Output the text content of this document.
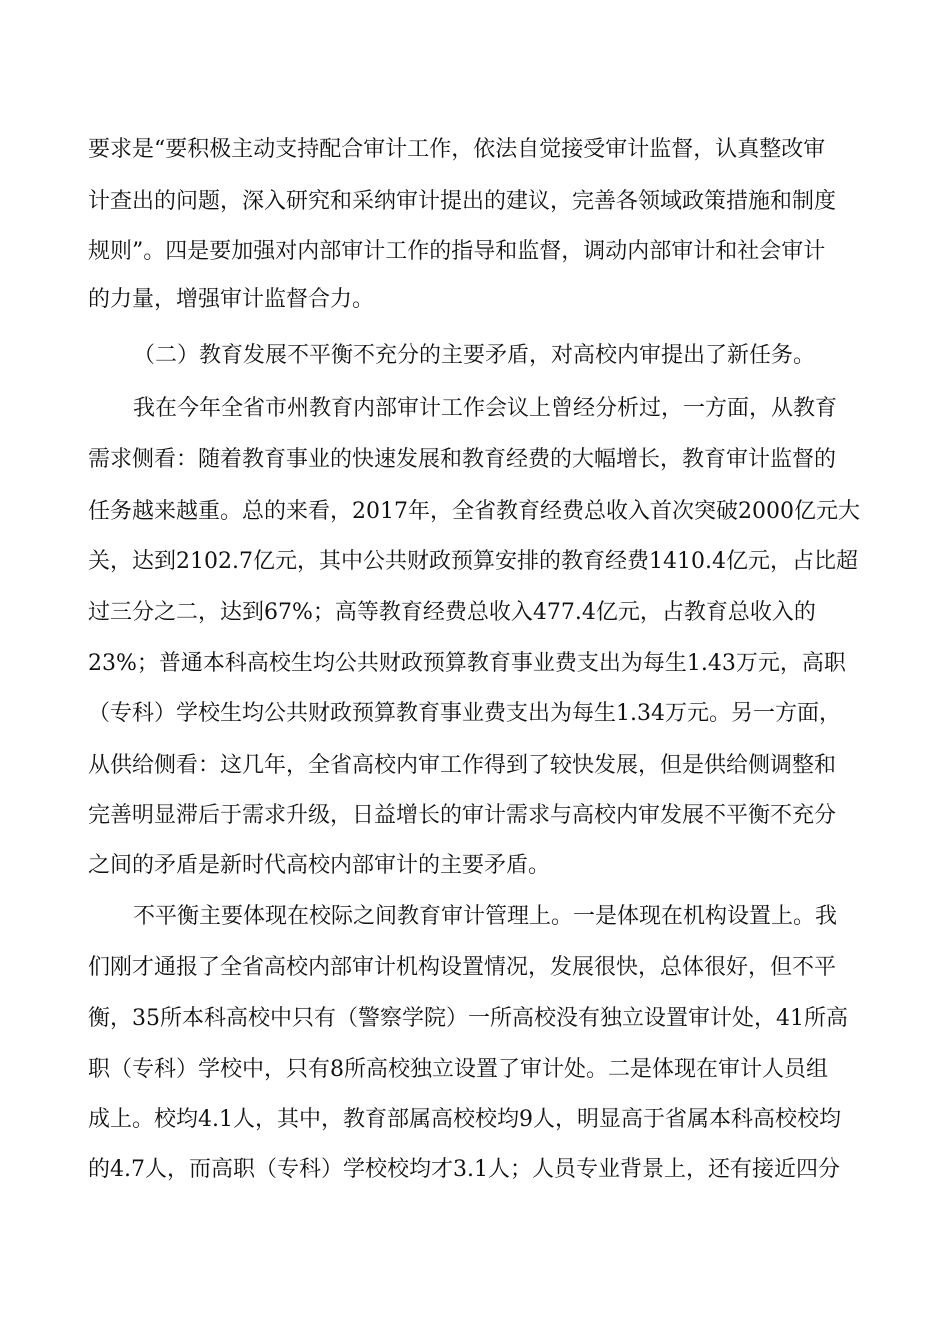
要求是“要积极主动支持配合审计工作，依法自觉接受审计监督，认真整改审
计查出的问题，深入研究和采纳审计提出的建议，完善各领域政策措施和制度
规则”。四是要加强对内部审计工作的指导和监督，调动内部审计和社会审计
的力量，增强审计监督合力。
（二）教育发展不平衡不充分的主要矛盾，对高校内审提出了新任务。
我在今年全省市州教育内部审计工作会议上曾经分析过，一方面，从教育
需求侧看：随着教育事业的快速发展和教育经费的大幅增长，教育审计监督的
任务越来越重。总的来看，2017年，全省教育经费总收入首次突破2000亿元大
关，达到2102.7亿元，其中公共财政预算安排的教育经费1410.4亿元，占比超
过三分之二，达到67%；高等教育经费总收入477.4亿元，占教育总收入的
23%；普通本科高校生均公共财政预算教育事业费支出为每生1.43万元，高职
（专科）学校生均公共财政预算教育事业费支出为每生1.34万元。另一方面，
从供给侧看：这几年，全省高校内审工作得到了较快发展，但是供给侧调整和
完善明显滞后于需求升级，日益增长的审计需求与高校内审发展不平衡不充分
之间的矛盾是新时代高校内部审计的主要矛盾。
不平衡主要体现在校际之间教育审计管理上。一是体现在机构设置上。我
们刚才通报了全省高校内部审计机构设置情况，发展很快，总体很好，但不平
衡，35所本科高校中只有（警察学院）一所高校没有独立设置审计处，41所高
职（专科）学校中，只有8所高校独立设置了审计处。二是体现在审计人员组
成上。校均4.1人，其中，教育部属高校校均9人，明显高于省属本科高校校均
的4.7人，而高职（专科）学校校均才3.1人；人员专业背景上，还有接近四分
